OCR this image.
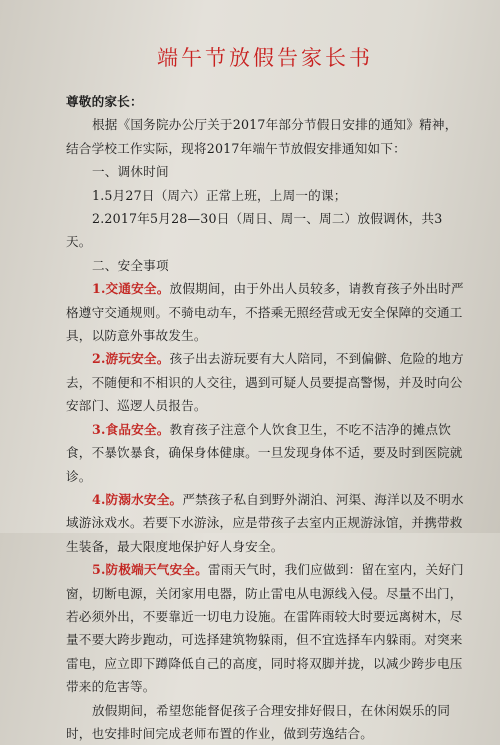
端午节放假告家长书

尊敬的家长：

根据《国务院办公厅关于2017年部分节假日安排的通知》精神，结合学校工作实际，现将2017年端午节放假安排通知如下：

一、调休时间

1.5月27日（周六）正常上班，上周一的课；

2.2017年5月28—30日（周日、周一、周二）放假调休，共3天。

二、安全事项

1.交通安全。放假期间，由于外出人员较多，请教育孩子外出时严格遵守交通规则。不骑电动车，不搭乘无照经营或无安全保障的交通工具，以防意外事故发生。

2.游玩安全。孩子出去游玩要有大人陪同，不到偏僻、危险的地方去，不随便和不相识的人交往，遇到可疑人员要提高警惕，并及时向公安部门、巡逻人员报告。

3.食品安全。教育孩子注意个人饮食卫生，不吃不洁净的摊点饮食，不暴饮暴食，确保身体健康。一旦发现身体不适，要及时到医院就诊。

4.防溺水安全。严禁孩子私自到野外湖泊、河渠、海洋以及不明水域游泳戏水。若要下水游泳，应是带孩子去室内正规游泳馆，并携带救生装备，最大限度地保护好人身安全。

5.防极端天气安全。雷雨天气时，我们应做到：留在室内，关好门窗，切断电源，关闭家用电器，防止雷电从电源线入侵。尽量不出门，若必须外出，不要靠近一切电力设施。在雷阵雨较大时要远离树木，尽量不要大跨步跑动，可选择建筑物躲雨，但不宜选择车内躲雨。对突来雷电，应立即下蹲降低自己的高度，同时将双脚并拢，以减少跨步电压带来的危害等。

放假期间，希望您能督促孩子合理安排好假日，在休闲娱乐的同时，也安排时间完成老师布置的作业，做到劳逸结合。
